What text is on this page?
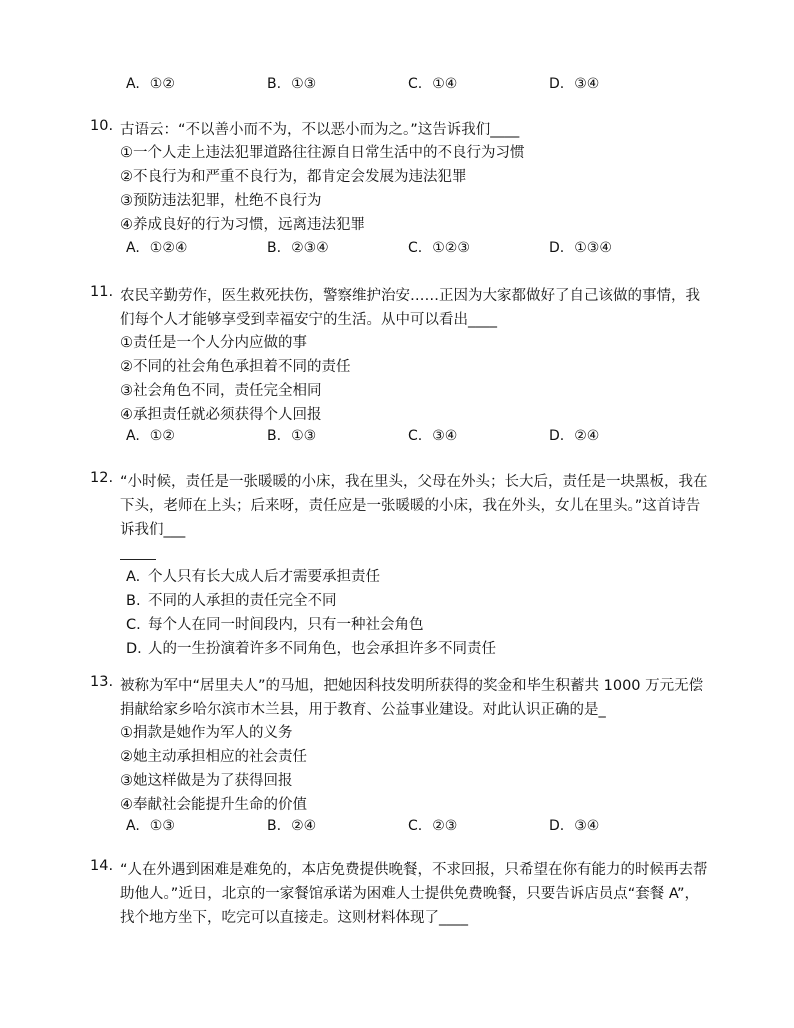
A. ①②	B. ①③	C. ①④	D. ③④
10. 古语云：“不以善小而不为，不以恶小而为之。”这告诉我们____
①一个人走上违法犯罪道路往往源自日常生活中的不良行为习惯
②不良行为和严重不良行为，都肯定会发展为违法犯罪
③预防违法犯罪，杜绝不良行为
④养成良好的行为习惯，远离违法犯罪
A. ①②④	B. ②③④	C. ①②③	D. ①③④
11. 农民辛勤劳作，医生救死扶伤，警察维护治安……正因为大家都做好了自己该做的事情，我们每个人才能够享受到幸福安宁的生活。从中可以看出____
①责任是一个人分内应做的事
②不同的社会角色承担着不同的责任
③社会角色不同，责任完全相同
④承担责任就必须获得个人回报
A. ①②	B. ①③	C. ③④	D. ②④
12. “小时候，责任是一张暖暖的小床，我在里头，父母在外头；长大后，责任是一块黑板，我在下头，老师在上头；后来呀，责任应是一张暖暖的小床，我在外头，女儿在里头。”这首诗告诉我们___
A. 个人只有长大成人后才需要承担责任
B. 不同的人承担的责任完全不同
C. 每个人在同一时间段内，只有一种社会角色
D. 人的一生扮演着许多不同角色，也会承担许多不同责任
13. 被称为军中“居里夫人”的马旭，把她因科技发明所获得的奖金和毕生积蓄共 1000 万元无偿捐献给家乡哈尔滨市木兰县，用于教育、公益事业建设。对此认识正确的是_
①捐款是她作为军人的义务
②她主动承担相应的社会责任
③她这样做是为了获得回报
④奉献社会能提升生命的价值
A. ①③	B. ②④	C. ②③	D. ③④
14. “人在外遇到困难是难免的，本店免费提供晚餐，不求回报，只希望在你有能力的时候再去帮助他人。”近日，北京的一家餐馆承诺为困难人士提供免费晚餐，只要告诉店员点“套餐 A”，找个地方坐下，吃完可以直接走。这则材料体现了____
